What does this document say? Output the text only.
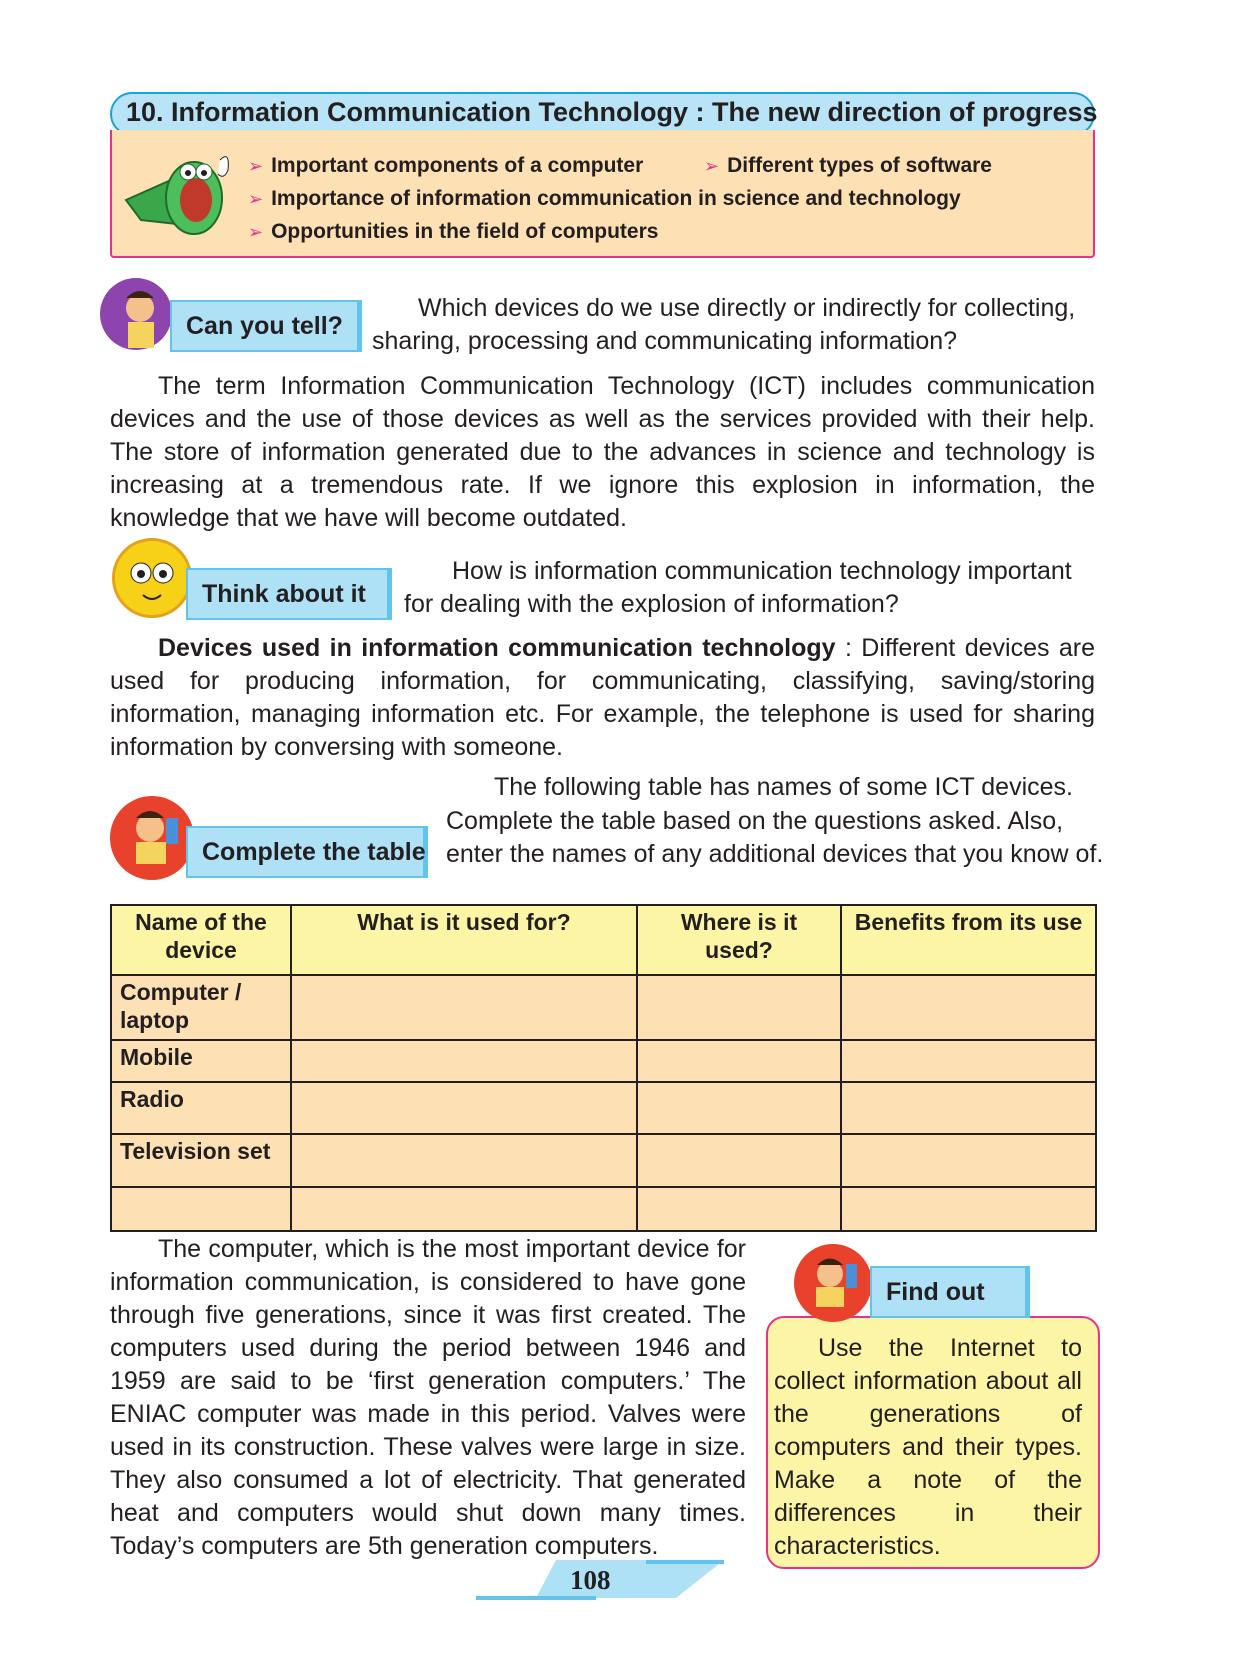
10. Information Communication Technology : The new direction of progress
➢ Important components of a computer	➢ Different types of software
➢ Importance of information communication in science and technology
➢ Opportunities in the field of computers
Can you tell?
Which devices do we use directly or indirectly for collecting,
sharing, processing and communicating information?
The term Information Communication Technology (ICT) includes communication devices and the use of those devices as well as the services provided with their help. The store of information generated due to the advances in science and technology is increasing at a tremendous rate. If we ignore this explosion in information, the knowledge that we have will become outdated.
Think about it
How is information communication technology important
for dealing with the explosion of information?
Devices used in information communication technology : Different devices are used for producing information, for communicating, classifying, saving/storing information, managing information etc. For example, the telephone is used for sharing information by conversing with someone.
The following table has names of some ICT devices.
Complete the table based on the questions asked. Also,
enter the names of any additional devices that you know of.
Complete the table
Name of the device	What is it used for?	Where is it used?	Benefits from its use
Computer / laptop			
Mobile			
Radio			
Television set			

The computer, which is the most important device for information communication, is considered to have gone through five generations, since it was first created. The computers used during the period between 1946 and 1959 are said to be ‘first generation computers.’ The ENIAC computer was made in this period. Valves were used in its construction. These valves were large in size. They also consumed a lot of electricity. That generated heat and computers would shut down many times. Today’s computers are 5th generation computers.
Find out
Use the Internet to collect information about all the generations of computers and their types. Make a note of the differences in their characteristics.
108
